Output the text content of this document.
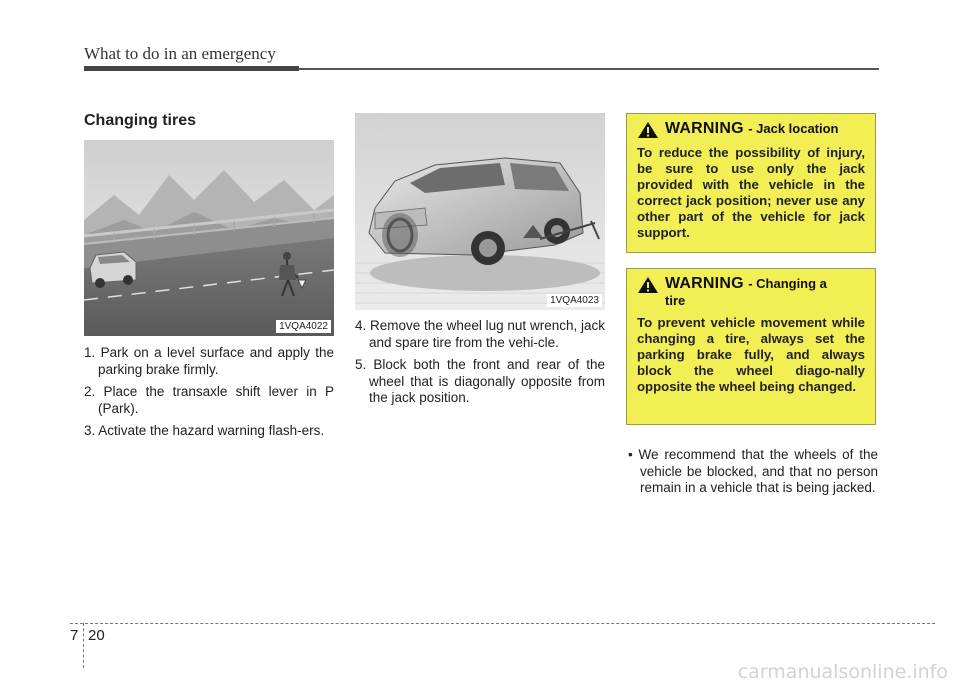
What to do in an emergency
Changing tires
1VQA4022
1VQA4023
1. Park on a level surface and apply the parking brake firmly.
2. Place the transaxle shift lever in P (Park).
3. Activate the hazard warning flash-ers.
4. Remove the wheel lug nut wrench, jack and spare tire from the vehi-cle.
5. Block both the front and rear of the wheel that is diagonally opposite from the jack position.
WARNING - Jack location
To reduce the possibility of injury, be sure to use only the jack provided with the vehicle in the correct jack position; never use any other part of the vehicle for jack support.
WARNING - Changing a tire
To prevent vehicle movement while changing a tire, always set the parking brake fully, and always block the wheel diago-nally opposite the wheel being changed.
• We recommend that the wheels of the vehicle be blocked, and that no person remain in a vehicle that is being jacked.
7 20
carmanualsonline.info
